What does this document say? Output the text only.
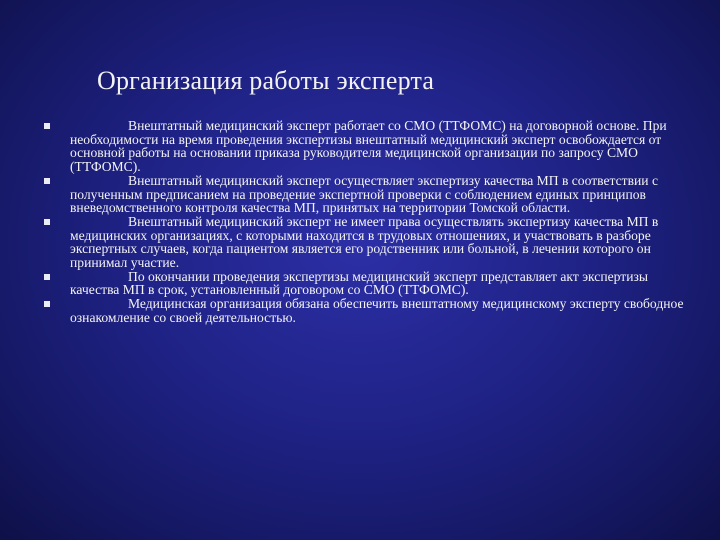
Организация работы эксперта
Внештатный медицинский эксперт работает со СМО (ТТФОМС) на договорной основе. При необходимости на время проведения экспертизы внештатный медицинский эксперт освобождается от основной работы на основании приказа руководителя медицинской организации по запросу СМО (ТТФОМС).
Внештатный медицинский эксперт осуществляет экспертизу качества МП в соответствии с полученным предписанием на проведение экспертной проверки с соблюдением единых принципов вневедомственного контроля качества МП, принятых на территории Томской области.
Внештатный медицинский эксперт не имеет права осуществлять экспертизу качества МП в медицинских организациях, с которыми находится в трудовых отношениях, и участвовать в разборе экспертных случаев, когда пациентом является его родственник или больной, в лечении которого он принимал участие.
По окончании проведения экспертизы медицинский эксперт представляет акт экспертизы качества МП в срок, установленный договором со СМО (ТТФОМС).
Медицинская организация обязана обеспечить внештатному медицинскому эксперту свободное ознакомление со своей деятельностью.
